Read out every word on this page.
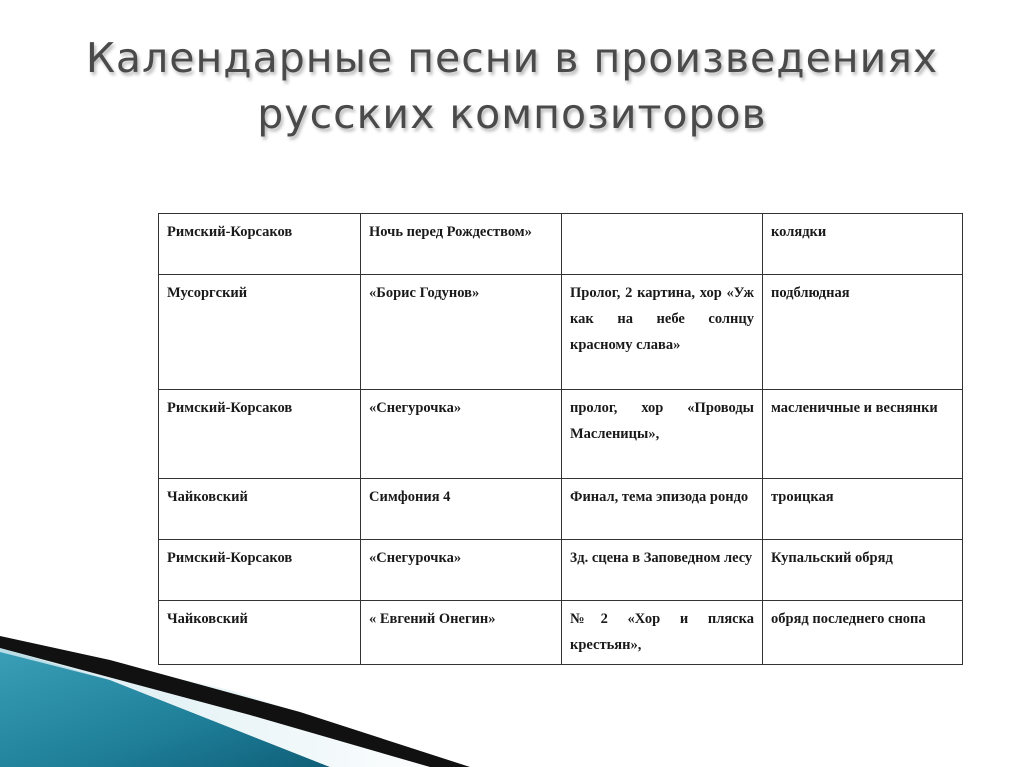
Календарные песни в произведениях
русских композиторов
Римский-Корсаков	Ночь перед Рождеством»		колядки
Мусоргский	«Борис Годунов»	Пролог, 2 картина, хор «Уж как на небе солнцу красному слава»	подблюдная
Римский-Корсаков	«Снегурочка»	пролог, хор «Проводы Масленицы»,	масленичные и веснянки
Чайковский	Симфония 4	Финал, тема эпизода рондо	троицкая
Римский-Корсаков	«Снегурочка»	3д. сцена в Заповедном лесу	Купальский обряд
Чайковский	« Евгений Онегин»	№2 «Хор и пляска крестьян»,	обряд последнего снопа
